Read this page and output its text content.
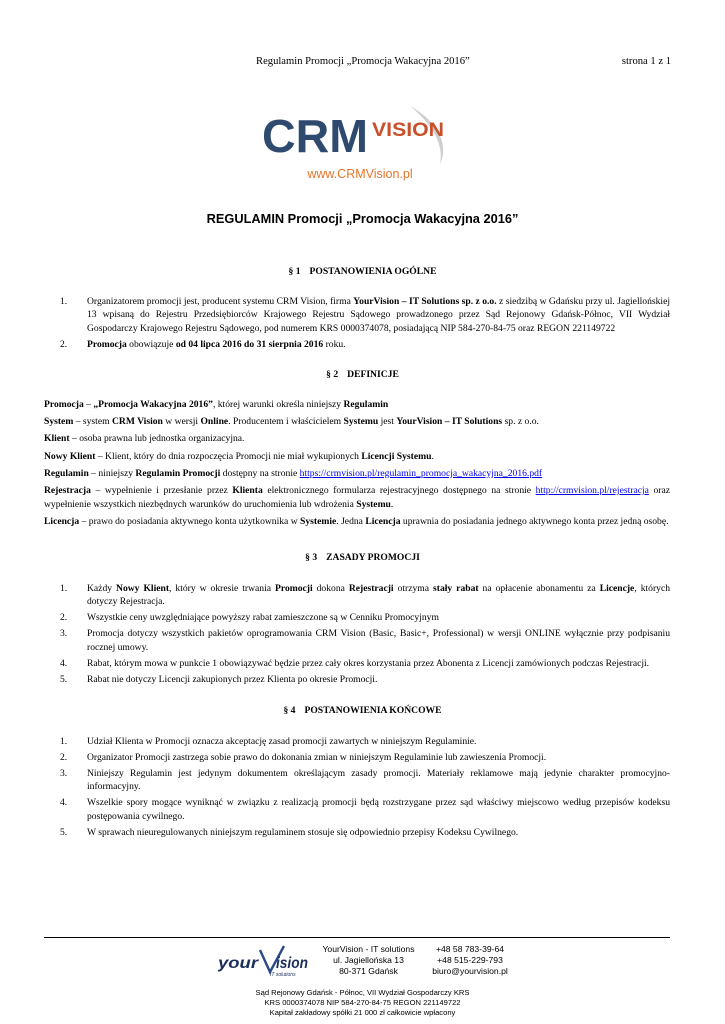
Regulamin Promocji „Promocja Wakacyjna 2016”	strona 1 z 1
CRM VISION
www.CRMVision.pl
REGULAMIN Promocji „Promocja Wakacyjna 2016”
§ 1 POSTANOWIENIA OGÓLNE
1. Organizatorem promocji jest, producent systemu CRM Vision, firma YourVision – IT Solutions sp. z o.o. z siedzibą w Gdańsku przy ul. Jagiellońskiej 13 wpisaną do Rejestru Przedsiębiorców Krajowego Rejestru Sądowego prowadzonego przez Sąd Rejonowy Gdańsk-Północ, VII Wydział Gospodarczy Krajowego Rejestru Sądowego, pod numerem KRS 0000374078, posiadającą NIP 584-270-84-75 oraz REGON 221149722
2. Promocja obowiązuje od 04 lipca 2016 do 31 sierpnia 2016 roku.
§ 2 DEFINICJE

Promocja – „Promocja Wakacyjna 2016”, której warunki określa niniejszy Regulamin

System – system CRM Vision w wersji Online. Producentem i właścicielem Systemu jest YourVision – IT Solutions sp. z o.o.

Klient – osoba prawna lub jednostka organizacyjna.

Nowy Klient – Klient, który do dnia rozpoczęcia Promocji nie miał wykupionych Licencji Systemu.

Regulamin – niniejszy Regulamin Promocji dostępny na stronie https://crmvision.pl/regulamin_promocja_wakacyjna_2016.pdf

Rejestracja – wypełnienie i przesłanie przez Klienta elektronicznego formularza rejestracyjnego dostępnego na stronie http://crmvision.pl/rejestracja oraz wypełnienie wszystkich niezbędnych warunków do uruchomienia lub wdrożenia Systemu.

Licencja – prawo do posiadania aktywnego konta użytkownika w Systemie. Jedna Licencja uprawnia do posiadania jednego aktywnego konta przez jedną osobę.

§ 3 ZASADY PROMOCJI
1. Każdy Nowy Klient, który w okresie trwania Promocji dokona Rejestracji otrzyma stały rabat na opłacenie abonamentu za Licencje, których dotyczy Rejestracja.
2. Wszystkie ceny uwzględniające powyższy rabat zamieszczone są w Cenniku Promocyjnym
3. Promocja dotyczy wszystkich pakietów oprogramowania CRM Vision (Basic, Basic+, Professional) w wersji ONLINE wyłącznie przy podpisaniu rocznej umowy.
4. Rabat, którym mowa w punkcie 1 obowiązywać będzie przez cały okres korzystania przez Abonenta z Licencji zamówionych podczas Rejestracji.
5. Rabat nie dotyczy Licencji zakupionych przez Klienta po okresie Promocji.
§ 4 POSTANOWIENIA KOŃCOWE
1. Udział Klienta w Promocji oznacza akceptację zasad promocji zawartych w niniejszym Regulaminie.
2. Organizator Promocji zastrzega sobie prawo do dokonania zmian w niniejszym Regulaminie lub zawieszenia Promocji.
3. Niniejszy Regulamin jest jedynym dokumentem określającym zasady promocji. Materiały reklamowe mają jedynie charakter promocyjno-informacyjny.
4. Wszelkie spory mogące wyniknąć w związku z realizacją promocji będą rozstrzygane przez sąd właściwy miejscowo według przepisów kodeksu postępowania cywilnego.
5. W sprawach nieuregulowanych niniejszym regulaminem stosuje się odpowiednio przepisy Kodeksu Cywilnego.
your ision
IT solutions
YourVision - IT solutions
ul. Jagiellońska 13
80-371 Gdańsk
+48 58 783-39-64
+48 515-229-793
biuro@yourvision.pl
Sąd Rejonowy Gdańsk - Północ, VII Wydział Gospodarczy KRS
KRS 0000374078 NIP 584-270-84-75 REGON 221149722
Kapitał zakładowy spółki 21 000 zł całkowicie wpłacony
